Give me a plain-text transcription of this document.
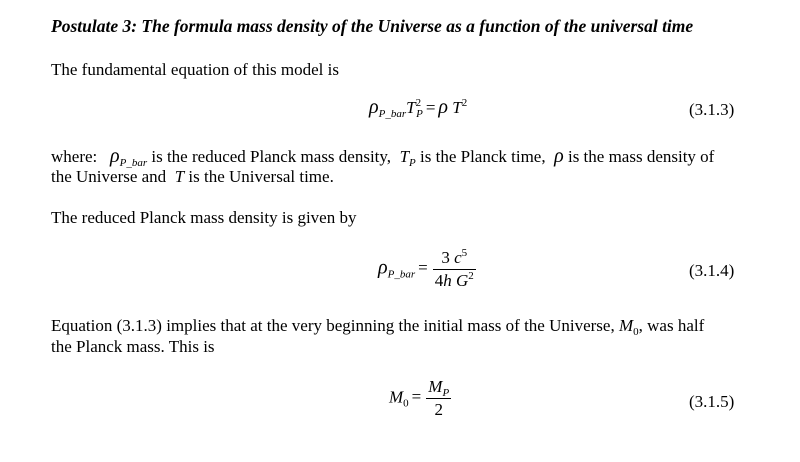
Postulate 3: The formula mass density of the Universe as a function of the universal time
The fundamental equation of this model is
$\rho_{P\_bar}T^2_P = \rho$ $T^2$	(3.1.3)
where: $\rho_{P\_bar}$ is the reduced Planck mass density, $T_P$ is the Planck time, ρ is the mass density of
the Universe and T is the Universal time.
The reduced Planck mass density is given by
$\rho_{P\_bar} = \frac{3 c^5}{4h G^2}$	(3.1.4)
Equation (3.1.3) implies that at the very beginning the initial mass of the Universe, $M_0$, was half
the Planck mass. This is
$M_0 = \frac{M_P}{2}$	(3.1.5)
